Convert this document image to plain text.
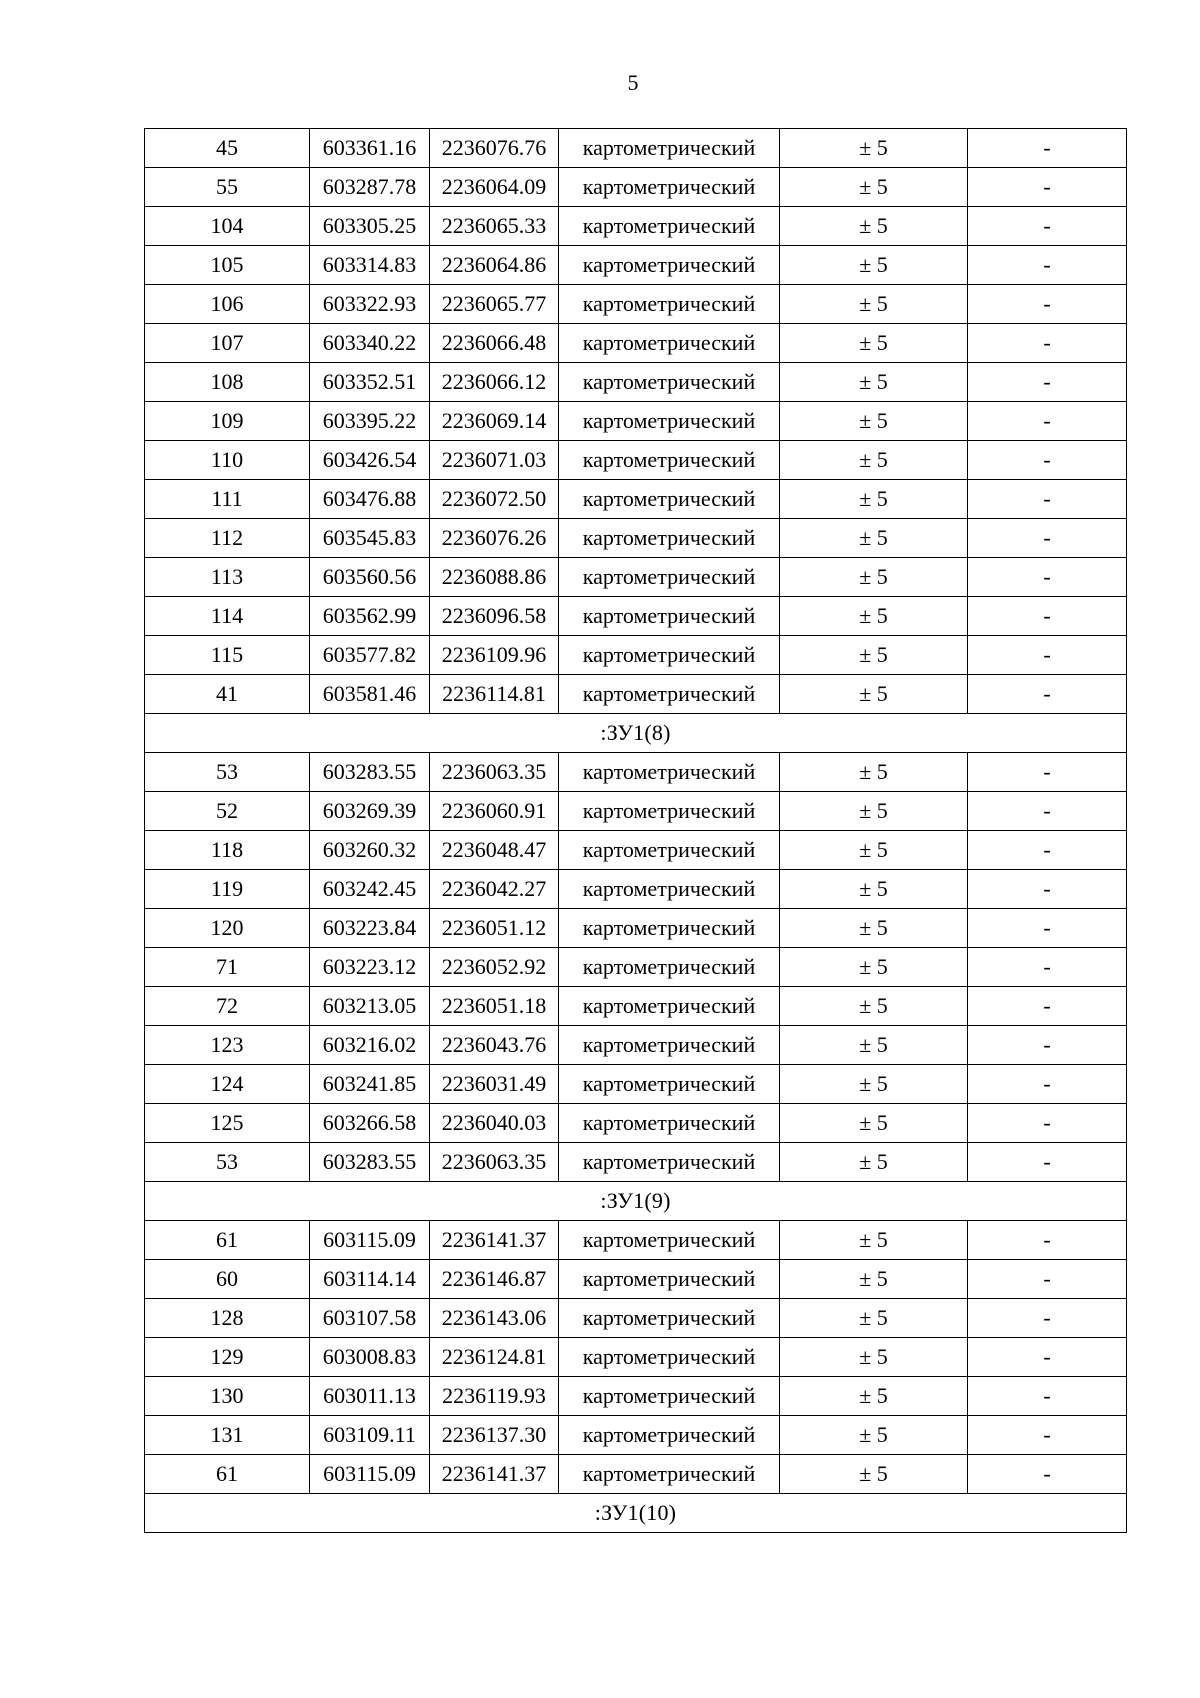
5
45	603361.16	2236076.76	картометрический	± 5	-
55	603287.78	2236064.09	картометрический	± 5	-
104	603305.25	2236065.33	картометрический	± 5	-
105	603314.83	2236064.86	картометрический	± 5	-
106	603322.93	2236065.77	картометрический	± 5	-
107	603340.22	2236066.48	картометрический	± 5	-
108	603352.51	2236066.12	картометрический	± 5	-
109	603395.22	2236069.14	картометрический	± 5	-
110	603426.54	2236071.03	картометрический	± 5	-
111	603476.88	2236072.50	картометрический	± 5	-
112	603545.83	2236076.26	картометрический	± 5	-
113	603560.56	2236088.86	картометрический	± 5	-
114	603562.99	2236096.58	картометрический	± 5	-
115	603577.82	2236109.96	картометрический	± 5	-
41	603581.46	2236114.81	картометрический	± 5	-
:ЗУ1(8)					
53	603283.55	2236063.35	картометрический	± 5	-
52	603269.39	2236060.91	картометрический	± 5	-
118	603260.32	2236048.47	картометрический	± 5	-
119	603242.45	2236042.27	картометрический	± 5	-
120	603223.84	2236051.12	картометрический	± 5	-
71	603223.12	2236052.92	картометрический	± 5	-
72	603213.05	2236051.18	картометрический	± 5	-
123	603216.02	2236043.76	картометрический	± 5	-
124	603241.85	2236031.49	картометрический	± 5	-
125	603266.58	2236040.03	картометрический	± 5	-
53	603283.55	2236063.35	картометрический	± 5	-
:ЗУ1(9)					
61	603115.09	2236141.37	картометрический	± 5	-
60	603114.14	2236146.87	картометрический	± 5	-
128	603107.58	2236143.06	картометрический	± 5	-
129	603008.83	2236124.81	картометрический	± 5	-
130	603011.13	2236119.93	картометрический	± 5	-
131	603109.11	2236137.30	картометрический	± 5	-
61	603115.09	2236141.37	картометрический	± 5	-
:ЗУ1(10)					
